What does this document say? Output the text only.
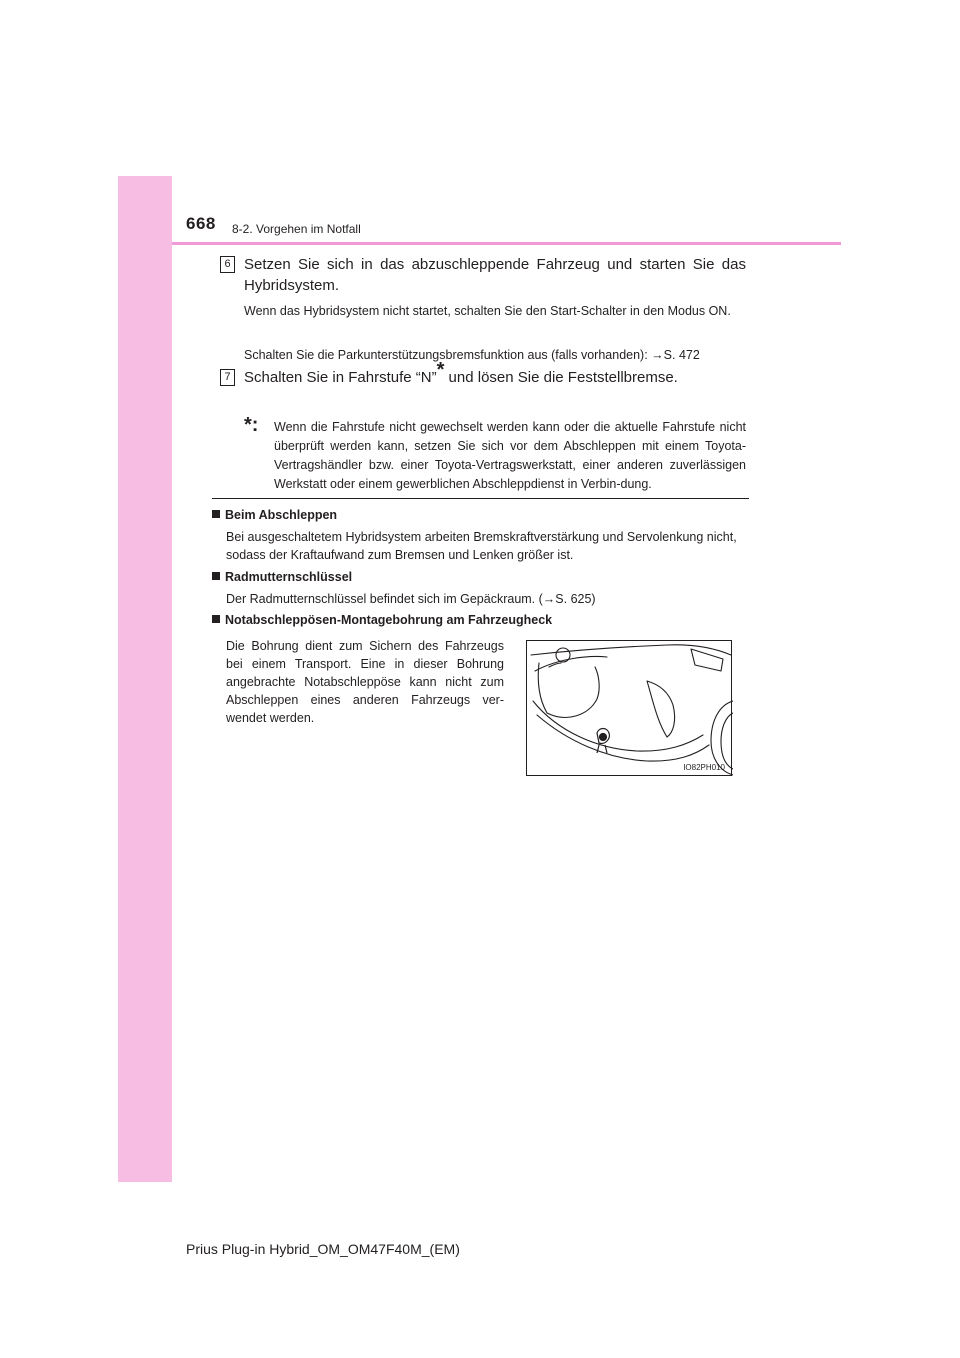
668 8-2. Vorgehen im Notfall
6 Setzen Sie sich in das abzuschleppende Fahrzeug und starten Sie das Hybridsystem.
Wenn das Hybridsystem nicht startet, schalten Sie den Start-Schalter in den Modus ON.
Schalten Sie die Parkunterstützungsbremsfunktion aus (falls vorhanden): →S. 472
7 Schalten Sie in Fahrstufe “N”* und lösen Sie die Feststellbremse.
*: Wenn die Fahrstufe nicht gewechselt werden kann oder die aktuelle Fahrstufe nicht überprüft werden kann, setzen Sie sich vor dem Abschleppen mit einem Toyota-Vertragshändler bzw. einer Toyota-Vertragswerkstatt, einer anderen zuverlässigen Werkstatt oder einem gewerblichen Abschleppdienst in Verbin-dung.
Beim Abschleppen
Bei ausgeschaltetem Hybridsystem arbeiten Bremskraftverstärkung und Servolenkung nicht, sodass der Kraftaufwand zum Bremsen und Lenken größer ist.
Radmutternschlüssel
Der Radmutternschlüssel befindet sich im Gepäckraum. (→S. 625)
Notabschleppösen-Montagebohrung am Fahrzeugheck
Die Bohrung dient zum Sichern des Fahrzeugs bei einem Transport. Eine in dieser Bohrung angebrachte Notabschleppöse kann nicht zum Abschleppen eines anderen Fahrzeugs ver-wendet werden.
IO82PH010
Prius Plug-in Hybrid_OM_OM47F40M_(EM)
